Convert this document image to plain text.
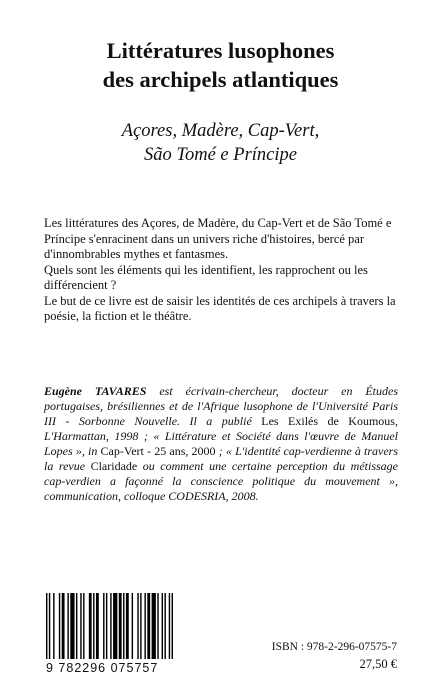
Littératures lusophones
des archipels atlantiques
Açores, Madère, Cap-Vert,
São Tomé e Príncipe

Les littératures des Açores, de Madère, du Cap-Vert et de São Tomé e Príncipe s'enracinent dans un univers riche d'histoires, bercé par d'innombrables mythes et fantasmes.

Quels sont les éléments qui les identifient, les rapprochent ou les différencient ?

Le but de ce livre est de saisir les identités de ces archipels à travers la poésie, la fiction et le théâtre.

Eugène TAVARES est écrivain-chercheur, docteur en Études portugaises, brésiliennes et de l'Afrique lusophone de l'Université Paris III - Sorbonne Nouvelle. Il a publié Les Exilés de Koumous, L'Harmattan, 1998 ; « Littérature et Société dans l'œuvre de Manuel Lopes », in Cap-Vert - 25 ans, 2000 ; « L'identité cap-verdienne à travers la revue Claridade ou comment une certaine perception du métissage cap-verdien a façonné la conscience politique du mouvement », communication, colloque CODESRIA, 2008.
9 782296 075757
ISBN : 978-2-296-07575-7
27,50 €
